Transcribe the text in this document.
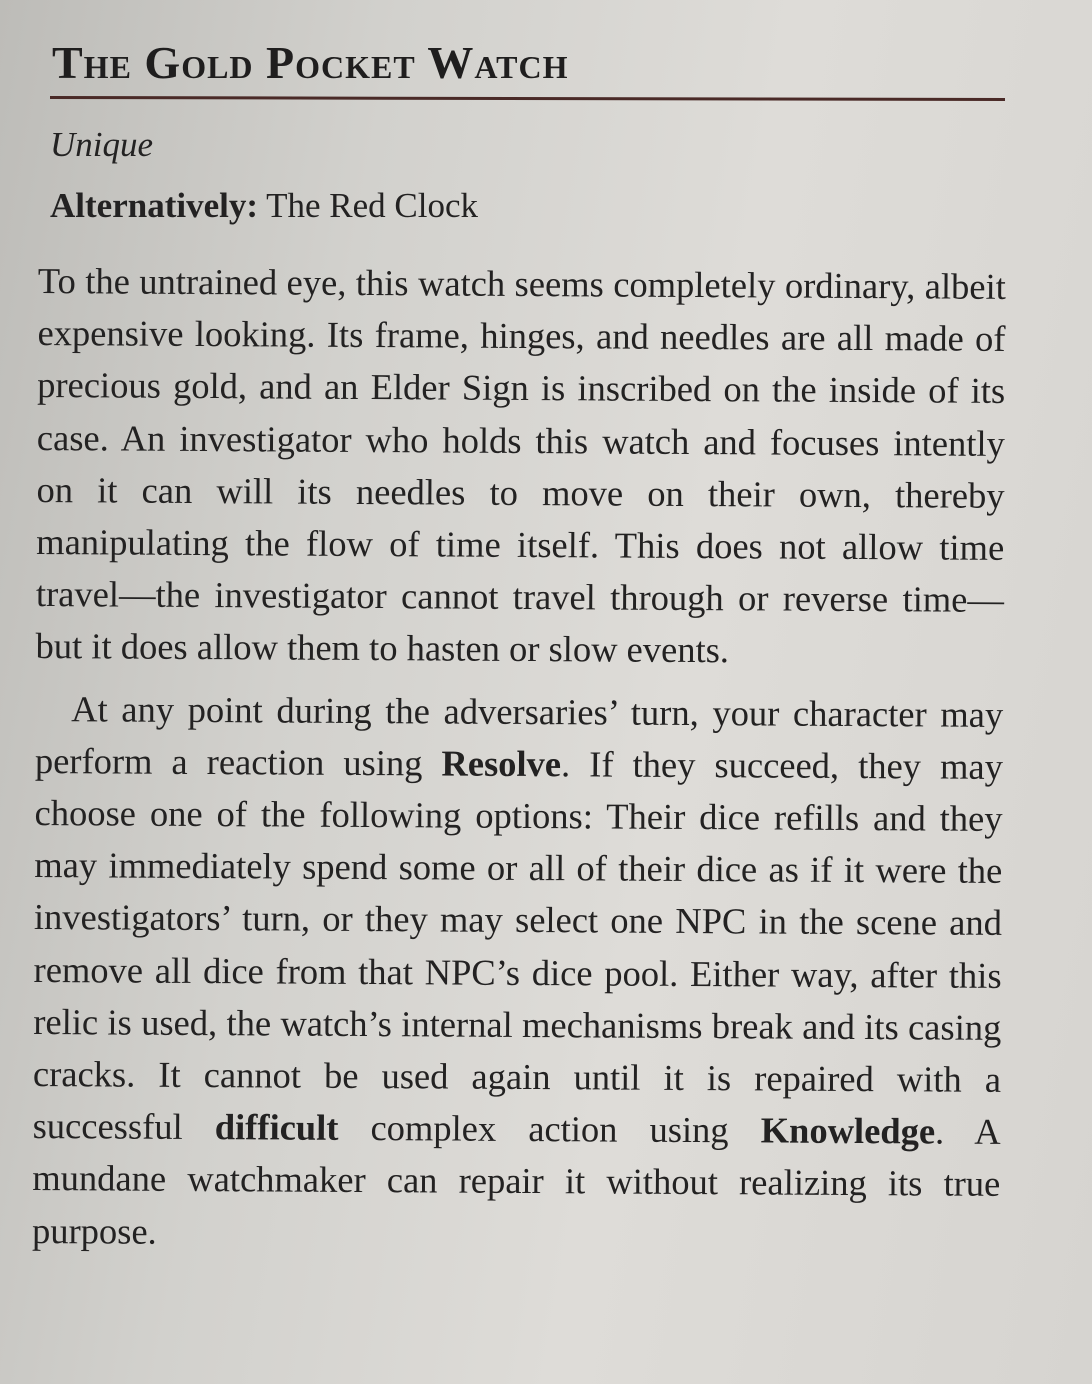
The Gold Pocket Watch

Unique

Alternatively: The Red Clock

To the untrained eye, this watch seems completely ordinary, albeit expensive looking. Its frame, hinges, and needles are all made of precious gold, and an Elder Sign is inscribed on the inside of its case. An investigator who holds this watch and focuses intently on it can will its needles to move on their own, thereby manipulating the flow of time itself. This does not allow time travel—the investigator cannot travel through or reverse time—but it does allow them to hasten or slow events.

At any point during the adversaries’ turn, your character may perform a reaction using Resolve. If they succeed, they may choose one of the following options: Their dice refills and they may immediately spend some or all of their dice as if it were the investigators’ turn, or they may select one NPC in the scene and remove all dice from that NPC’s dice pool. Either way, after this relic is used, the watch’s internal mechanisms break and its casing cracks. It cannot be used again until it is repaired with a successful difficult complex action using Knowledge. A mundane watchmaker can repair it without realizing its true purpose.
